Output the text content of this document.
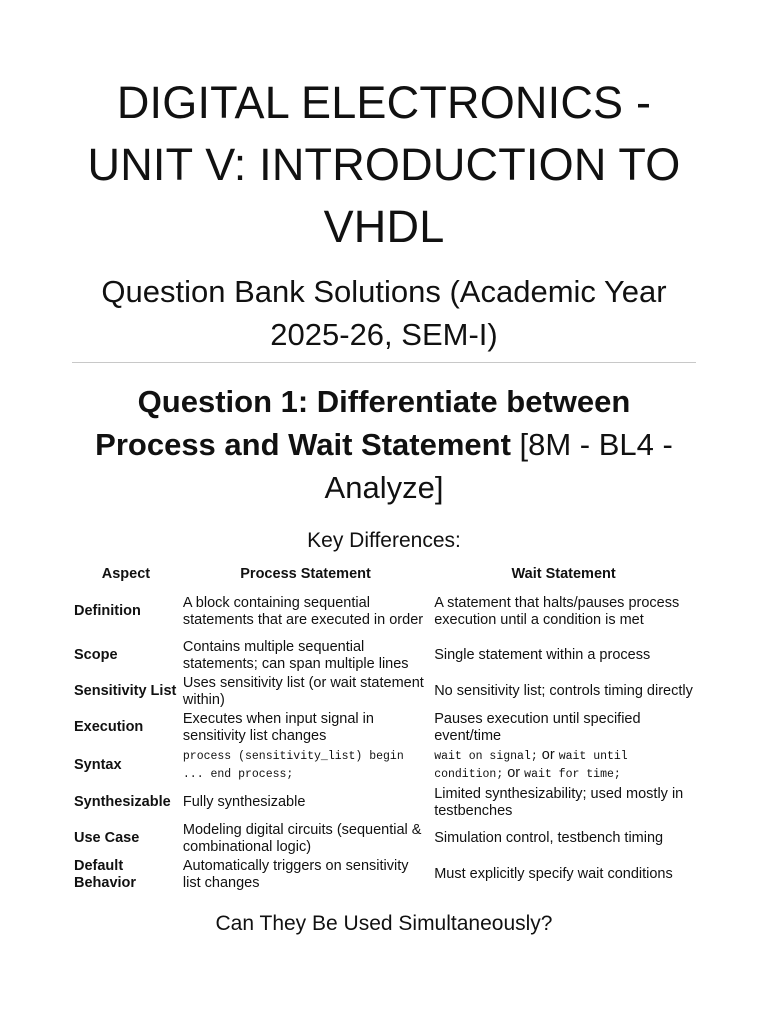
DIGITAL ELECTRONICS -
UNIT V: INTRODUCTION TO
VHDL
Question Bank Solutions (Academic Year
2025-26, SEM-I)
Question 1: Differentiate between
Process and Wait Statement [8M - BL4 -
Analyze]
Key Differences:
Aspect	Process Statement	Wait Statement
Definition	A block containing sequential statements that are executed in order	A statement that halts/pauses process execution until a condition is met
Scope	Contains multiple sequential statements; can span multiple lines	Single statement within a process
Sensitivity List	Uses sensitivity list (or wait statement within)	No sensitivity list; controls timing directly
Execution	Executes when input signal in sensitivity list changes	Pauses execution until specified event/time
Syntax	process (sensitivity_list) begin ... end process;	wait on signal; or wait until condition; or wait for time;
Synthesizable	Fully synthesizable	Limited synthesizability; used mostly in testbenches
Use Case	Modeling digital circuits (sequential & combinational logic)	Simulation control, testbench timing
Default Behavior	Automatically triggers on sensitivity list changes	Must explicitly specify wait conditions
Can They Be Used Simultaneously?
